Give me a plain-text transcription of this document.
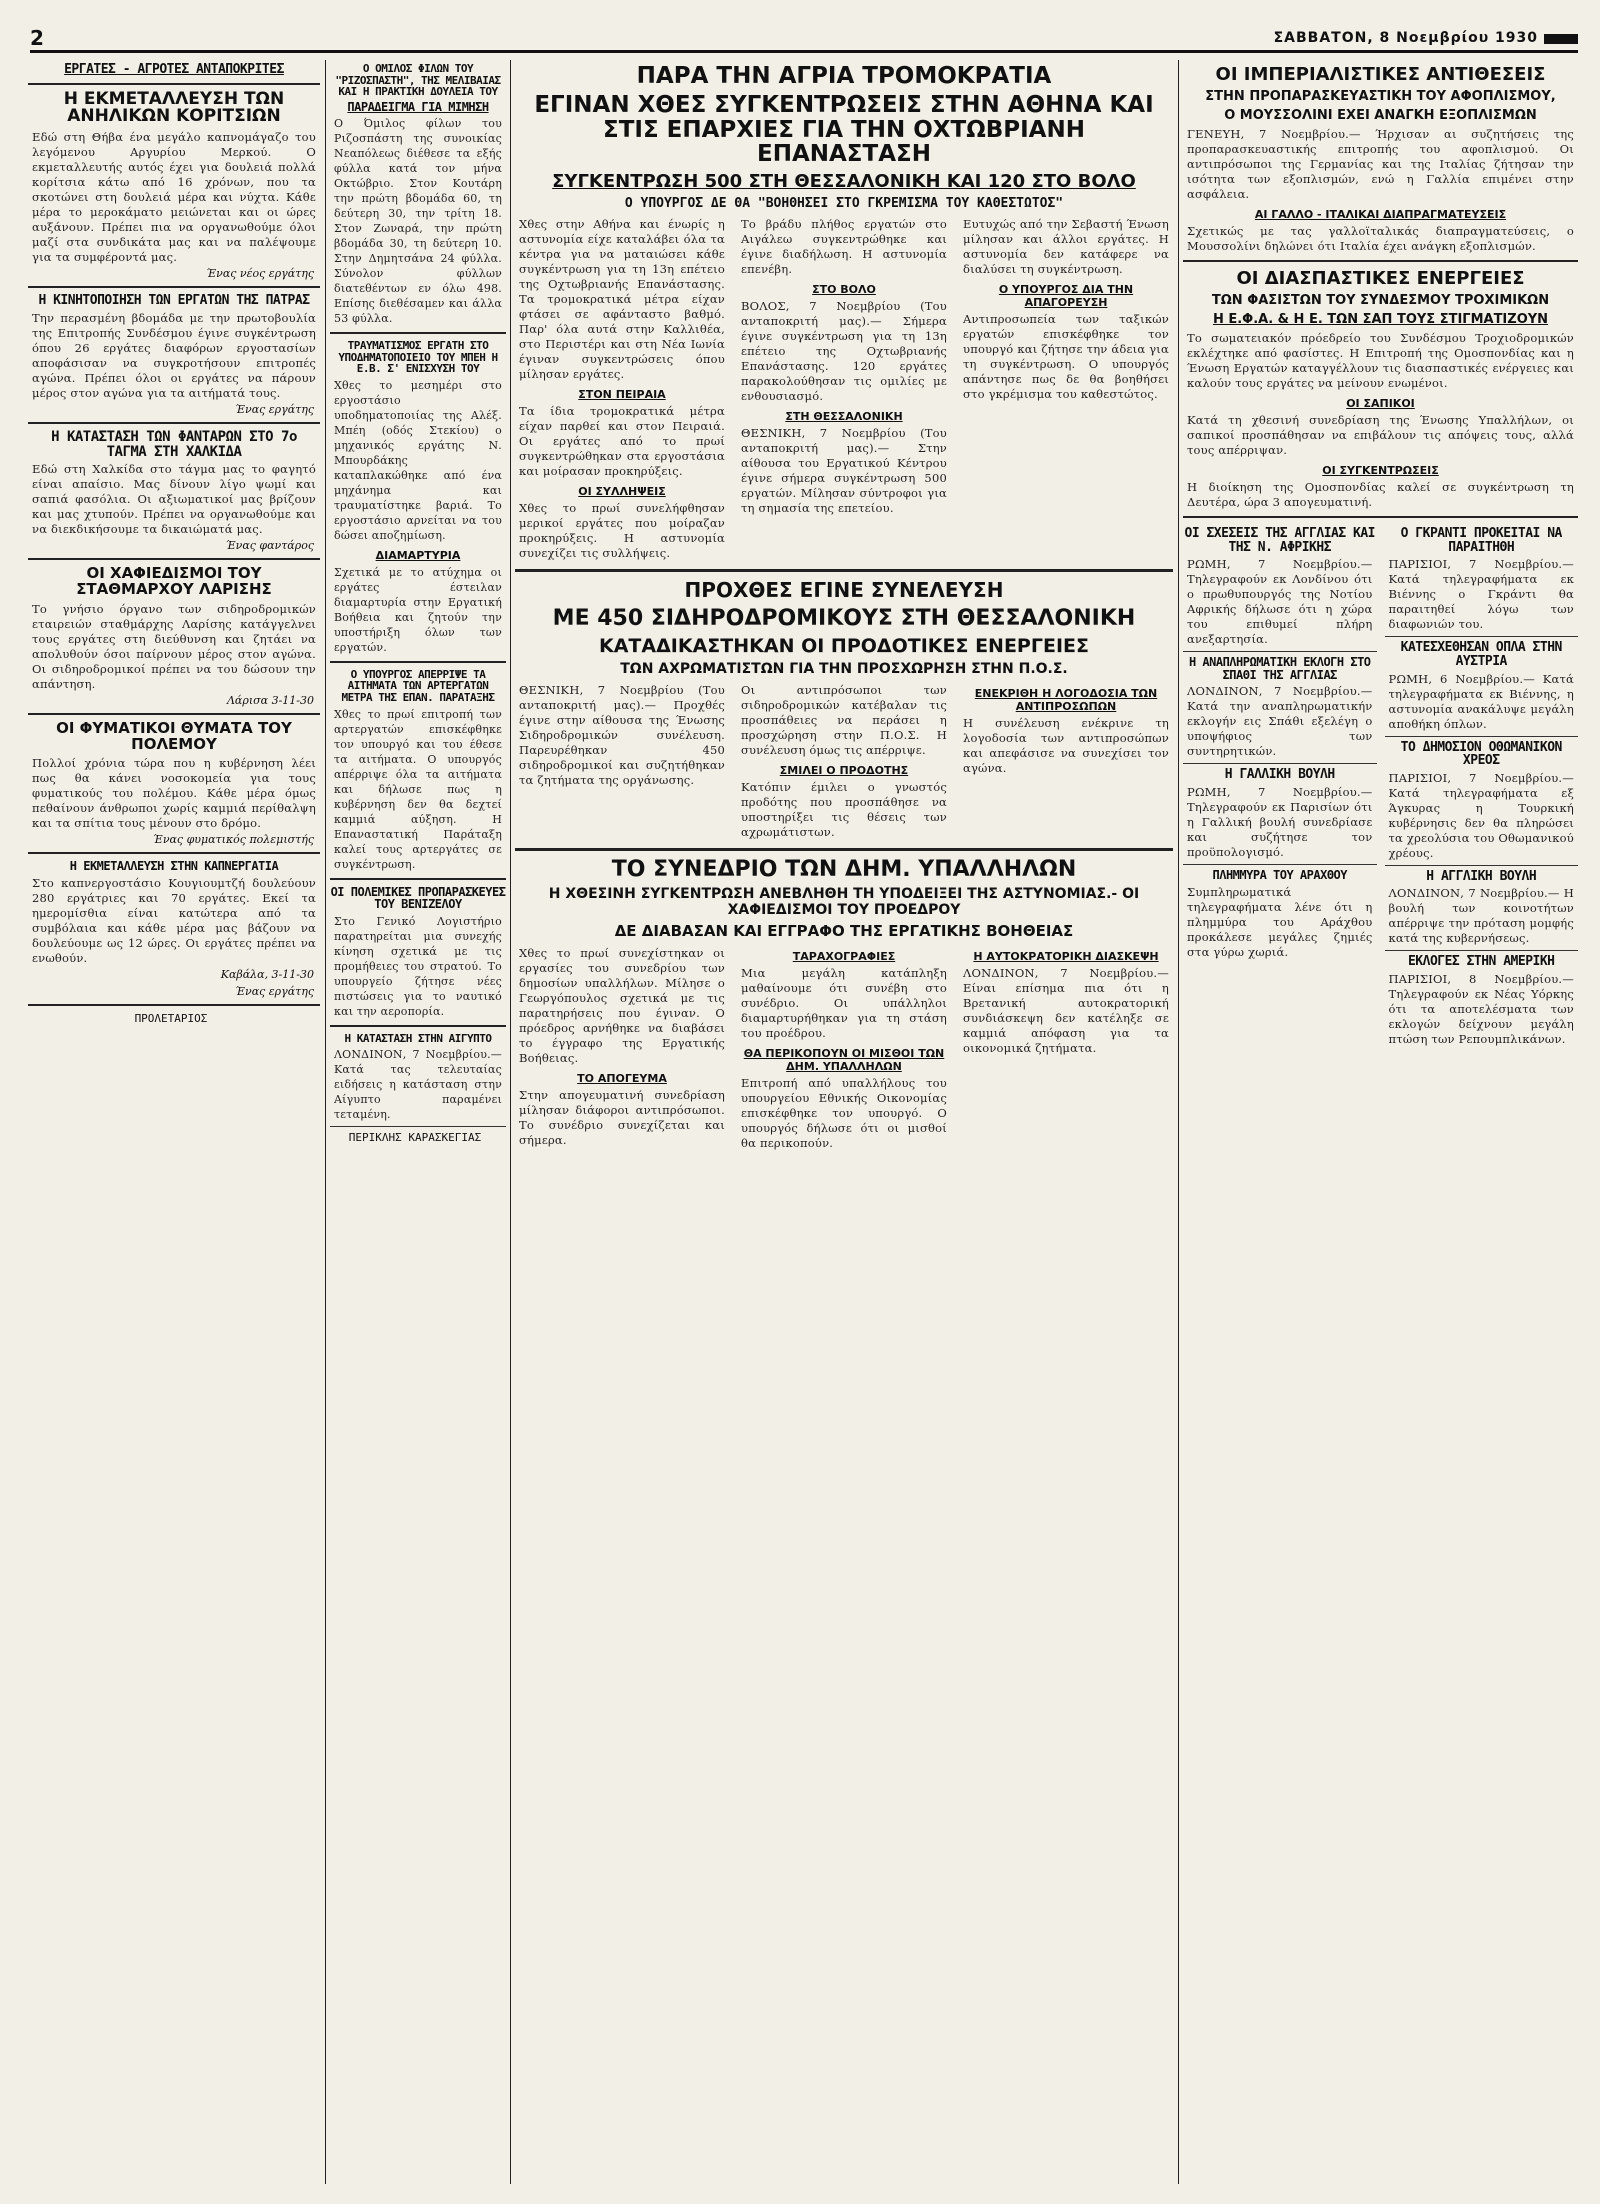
2	ΣΑΒΒΑΤΟΝ, 8 Νοεμβρίου 1930
ΕΡΓΑΤΕΣ - ΑΓΡΟΤΕΣ ΑΝΤΑΠΟΚΡΙΤΕΣ
Η ΕΚΜΕΤΑΛΛΕΥΣΗ ΤΩΝ ΑΝΗΛΙΚΩΝ ΚΟΡΙΤΣΙΩΝ
Εδώ στη Θήβα ένα μεγάλο καπνομάγαζο του λεγόμενου Αργυρίου Μερκού. Ο εκμεταλλευτής αυτός έχει για δουλειά πολλά κορίτσια κάτω από 16 χρόνων, που τα σκοτώνει στη δουλειά μέρα και νύχτα. Κάθε μέρα το μεροκάματο μειώνεται και οι ώρες αυξάνουν. Πρέπει πια να οργανωθούμε όλοι μαζί στα συνδικάτα μας και να παλέψουμε για τα συμφέροντά μας.
Ένας νέος εργάτης
Η ΚΙΝΗΤΟΠΟΙΗΣΗ ΤΩΝ ΕΡΓΑΤΩΝ ΤΗΣ ΠΑΤΡΑΣ
Την περασμένη βδομάδα με την πρωτοβουλία της Επιτροπής Συνδέσμου έγινε συγκέντρωση όπου 26 εργάτες διαφόρων εργοστασίων αποφάσισαν να συγκροτήσουν επιτροπές αγώνα. Πρέπει όλοι οι εργάτες να πάρουν μέρος στον αγώνα για τα αιτήματά τους.
Ένας εργάτης
Η ΚΑΤΑΣΤΑΣΗ ΤΩΝ ΦΑΝΤΑΡΩΝ ΣΤΟ 7ο ΤΑΓΜΑ ΣΤΗ ΧΑΛΚΙΔΑ
Εδώ στη Χαλκίδα στο τάγμα μας το φαγητό είναι απαίσιο. Μας δίνουν λίγο ψωμί και σαπιά φασόλια. Οι αξιωματικοί μας βρίζουν και μας χτυπούν. Πρέπει να οργανωθούμε και να διεκδικήσουμε τα δικαιώματά μας.
Ένας φαντάρος
ΟΙ ΧΑΦΙΕΔΙΣΜΟΙ ΤΟΥ ΣΤΑΘΜΑΡΧΟΥ ΛΑΡΙΣΗΣ
Το γνήσιο όργανο των σιδηροδρομικών εταιρειών σταθμάρχης Λαρίσης κατάγγελνει τους εργάτες στη διεύθυνση και ζητάει να απολυθούν όσοι παίρνουν μέρος στον αγώνα. Οι σιδηροδρομικοί πρέπει να του δώσουν την απάντηση.
Λάρισα 3-11-30
ΟΙ ΦΥΜΑΤΙΚΟΙ ΘΥΜΑΤΑ ΤΟΥ ΠΟΛΕΜΟΥ
Πολλοί χρόνια τώρα που η κυβέρνηση λέει πως θα κάνει νοσοκομεία για τους φυματικούς του πολέμου. Κάθε μέρα όμως πεθαίνουν άνθρωποι χωρίς καμμιά περίθαλψη και τα σπίτια τους μένουν στο δρόμο.
Ένας φυματικός πολεμιστής
Η ΕΚΜΕΤΑΛΛΕΥΣΗ ΣΤΗΝ ΚΑΠΝΕΡΓΑΤΙΑ
Στο καπνεργοστάσιο Κουγιουμτζή δουλεύουν 280 εργάτριες και 70 εργάτες. Εκεί τα ημερομίσθια είναι κατώτερα από τα συμβόλαια και κάθε μέρα μας βάζουν να δουλεύουμε ως 12 ώρες. Οι εργάτες πρέπει να ενωθούν.
Καβάλα, 3-11-30
Ένας εργάτης
ΠΡΟΛΕΤΑΡΙΟΣ
Ο ΟΜΙΛΟΣ ΦΙΛΩΝ ΤΟΥ "ΡΙΖΟΣΠΑΣΤΗ", ΤΗΣ ΜΕΛΙΒΑΙΑΣ ΚΑΙ Η ΠΡΑΚΤΙΚΗ ΔΟΥΛΕΙΑ ΤΟΥ
ΠΑΡΑΔΕΙΓΜΑ ΓΙΑ ΜΙΜΗΣΗ
Ο Όμιλος φίλων του Ριζοσπάστη της συνοικίας Νεαπόλεως διέθεσε τα εξής φύλλα κατά τον μήνα Οκτώβριο. Στον Κουτάρη την πρώτη βδομάδα 60, τη δεύτερη 30, την τρίτη 18. Στον Ζωναρά, την πρώτη βδομάδα 30, τη δεύτερη 10. Στην Δημητσάνα 24 φύλλα. Σύνολον φύλλων διατεθέντων εν όλω 498. Επίσης διεθέσαμεν και άλλα 53 φύλλα.
ΤΡΑΥΜΑΤΙΣΜΟΣ ΕΡΓΑΤΗ ΣΤΟ ΥΠΟΔΗΜΑΤΟΠΟΙΕΙΟ ΤΟΥ ΜΠΕΗ Η Ε.Β. Σ' ΕΝΙΣΧΥΣΗ ΤΟΥ
Χθες το μεσημέρι στο εργοστάσιο υποδηματοποιίας της Αλέξ. Μπέη (οδός Στεκίου) ο μηχανικός εργάτης Ν. Μπουρδάκης καταπλακώθηκε από ένα μηχάνημα και τραυματίστηκε βαριά. Το εργοστάσιο αρνείται να του δώσει αποζημίωση.
ΔΙΑΜΑΡΤΥΡΙΑ
Σχετικά με το ατύχημα οι εργάτες έστειλαν διαμαρτυρία στην Εργατική Βοήθεια και ζητούν την υποστήριξη όλων των εργατών.
Ο ΥΠΟΥΡΓΟΣ ΑΠΕΡΡΙΨΕ ΤΑ ΑΙΤΗΜΑΤΑ ΤΩΝ ΑΡΤΕΡΓΑΤΩΝ ΜΕΤΡΑ ΤΗΣ ΕΠΑΝ. ΠΑΡΑΤΑΞΗΣ
Χθες το πρωί επιτροπή των αρτεργατών επισκέφθηκε τον υπουργό και του έθεσε τα αιτήματα. Ο υπουργός απέρριψε όλα τα αιτήματα και δήλωσε πως η κυβέρνηση δεν θα δεχτεί καμμιά αύξηση. Η Επαναστατική Παράταξη καλεί τους αρτεργάτες σε συγκέντρωση.
ΟΙ ΠΟΛΕΜΙΚΕΣ ΠΡΟΠΑΡΑΣΚΕΥΕΣ ΤΟΥ ΒΕΝΙΖΕΛΟΥ
Στο Γενικό Λογιστήριο παρατηρείται μια συνεχής κίνηση σχετικά με τις προμήθειες του στρατού. Το υπουργείο ζήτησε νέες πιστώσεις για το ναυτικό και την αεροπορία.
Η ΚΑΤΑΣΤΑΣΗ ΣΤΗΝ ΑΙΓΥΠΤΟ
ΛΟΝΔΙΝΟΝ, 7 Νοεμβρίου.—Κατά τας τελευταίας ειδήσεις η κατάσταση στην Αίγυπτο παραμένει τεταμένη.
ΠΕΡΙΚΛΗΣ ΚΑΡΑΣΚΕΓΙΑΣ
ΠΑΡΑ ΤΗΝ ΑΓΡΙΑ ΤΡΟΜΟΚΡΑΤΙΑ
ΕΓΙΝΑΝ ΧΘΕΣ ΣΥΓΚΕΝΤΡΩΣΕΙΣ ΣΤΗΝ ΑΘΗΝΑ ΚΑΙ ΣΤΙΣ ΕΠΑΡΧΙΕΣ ΓΙΑ ΤΗΝ ΟΧΤΩΒΡΙΑΝΗ ΕΠΑΝΑΣΤΑΣΗ
ΣΥΓΚΕΝΤΡΩΣΗ 500 ΣΤΗ ΘΕΣΣΑΛΟΝΙΚΗ ΚΑΙ 120 ΣΤΟ ΒΟΛΟ
Ο ΥΠΟΥΡΓΟΣ ΔΕ ΘΑ "ΒΟΗΘΗΣΕΙ ΣΤΟ ΓΚΡΕΜΙΣΜΑ ΤΟΥ ΚΑΘΕΣΤΩΤΟΣ"
Χθες στην Αθήνα και ένωρίς η αστυνομία είχε καταλάβει όλα τα κέντρα για να ματαιώσει κάθε συγκέντρωση για τη 13η επέτειο της Οχτωβριανής Επανάστασης. Τα τρομοκρατικά μέτρα είχαν φτάσει σε αφάνταστο βαθμό. Παρ' όλα αυτά στην Καλλιθέα, στο Περιστέρι και στη Νέα Ιωνία έγιναν συγκεντρώσεις όπου μίλησαν εργάτες.
ΣΤΟΝ ΠΕΙΡΑΙΑ
Τα ίδια τρομοκρατικά μέτρα είχαν παρθεί και στον Πειραιά. Οι εργάτες από το πρωί συγκεντρώθηκαν στα εργοστάσια και μοίρασαν προκηρύξεις.
ΟΙ ΣΥΛΛΗΨΕΙΣ
Χθες το πρωί συνελήφθησαν μερικοί εργάτες που μοίραζαν προκηρύξεις. Η αστυνομία συνεχίζει τις συλλήψεις.
Το βράδυ πλήθος εργατών στο Αιγάλεω συγκεντρώθηκε και έγινε διαδήλωση. Η αστυνομία επενέβη.
ΣΤΟ ΒΟΛΟ
ΒΟΛΟΣ, 7 Νοεμβρίου (Του ανταποκριτή μας).— Σήμερα έγινε συγκέντρωση για τη 13η επέτειο της Οχτωβριανής Επανάστασης. 120 εργάτες παρακολούθησαν τις ομιλίες με ενθουσιασμό.
ΣΤΗ ΘΕΣΣΑΛΟΝΙΚΗ
ΘΕΣΝΙΚΗ, 7 Νοεμβρίου (Του ανταποκριτή μας).— Στην αίθουσα του Εργατικού Κέντρου έγινε σήμερα συγκέντρωση 500 εργατών. Μίλησαν σύντροφοι για τη σημασία της επετείου.
Ευτυχώς από την Σεβαστή Ένωση μίλησαν και άλλοι εργάτες. Η αστυνομία δεν κατάφερε να διαλύσει τη συγκέντρωση.
Ο ΥΠΟΥΡΓΟΣ ΔΙΑ ΤΗΝ ΑΠΑΓΟΡΕΥΣΗ
Αντιπροσωπεία των ταξικών εργατών επισκέφθηκε τον υπουργό και ζήτησε την άδεια για τη συγκέντρωση. Ο υπουργός απάντησε πως δε θα βοηθήσει στο γκρέμισμα του καθεστώτος.
ΠΡΟΧΘΕΣ ΕΓΙΝΕ ΣΥΝΕΛΕΥΣΗ
ΜΕ 450 ΣΙΔΗΡΟΔΡΟΜΙΚΟΥΣ ΣΤΗ ΘΕΣΣΑΛΟΝΙΚΗ
ΚΑΤΑΔΙΚΑΣΤΗΚΑΝ ΟΙ ΠΡΟΔΟΤΙΚΕΣ ΕΝΕΡΓΕΙΕΣ
ΤΩΝ ΑΧΡΩΜΑΤΙΣΤΩΝ ΓΙΑ ΤΗΝ ΠΡΟΣΧΩΡΗΣΗ ΣΤΗΝ Π.Ο.Σ.
ΘΕΣΝΙΚΗ, 7 Νοεμβρίου (Του ανταποκριτή μας).— Προχθές έγινε στην αίθουσα της Ένωσης Σιδηροδρομικών συνέλευση. Παρευρέθηκαν 450 σιδηροδρομικοί και συζητήθηκαν τα ζητήματα της οργάνωσης.
Οι αντιπρόσωποι των σιδηροδρομικών κατέβαλαν τις προσπάθειες να περάσει η προσχώρηση στην Π.Ο.Σ. Η συνέλευση όμως τις απέρριψε.
ΣΜΙΛΕΙ Ο ΠΡΟΔΟΤΗΣ
Κατόπιν έμιλει ο γνωστός προδότης που προσπάθησε να υποστηρίξει τις θέσεις των αχρωμάτιστων.
ΕΝΕΚΡΙΘΗ Η ΛΟΓΟΔΟΣΙΑ ΤΩΝ ΑΝΤΙΠΡΟΣΩΠΩΝ
Η συνέλευση ενέκρινε τη λογοδοσία των αντιπροσώπων και απεφάσισε να συνεχίσει τον αγώνα.
ΤΟ ΣΥΝΕΔΡΙΟ ΤΩΝ ΔΗΜ. ΥΠΑΛΛΗΛΩΝ
Η ΧΘΕΣΙΝΗ ΣΥΓΚΕΝΤΡΩΣΗ ΑΝΕΒΛΗΘΗ ΤΗ ΥΠΟΔΕΙΞΕΙ ΤΗΣ ΑΣΤΥΝΟΜΙΑΣ.- ΟΙ ΧΑΦΙΕΔΙΣΜΟΙ ΤΟΥ ΠΡΟΕΔΡΟΥ
ΔΕ ΔΙΑΒΑΣΑΝ ΚΑΙ ΕΓΓΡΑΦΟ ΤΗΣ ΕΡΓΑΤΙΚΗΣ ΒΟΗΘΕΙΑΣ
Χθες το πρωί συνεχίστηκαν οι εργασίες του συνεδρίου των δημοσίων υπαλλήλων. Μίλησε ο Γεωργόπουλος σχετικά με τις παρατηρήσεις που έγιναν. Ο πρόεδρος αρνήθηκε να διαβάσει το έγγραφο της Εργατικής Βοήθειας.
ΤΟ ΑΠΟΓΕΥΜΑ
Στην απογευματινή συνεδρίαση μίλησαν διάφοροι αντιπρόσωποι. Το συνέδριο συνεχίζεται και σήμερα.
ΤΑΡΑΧΟΓΡΑΦΙΕΣ
Μια μεγάλη κατάπληξη μαθαίνουμε ότι συνέβη στο συνέδριο. Οι υπάλληλοι διαμαρτυρήθηκαν για τη στάση του προέδρου.
ΘΑ ΠΕΡΙΚΟΠΟΥΝ ΟΙ ΜΙΣΘΟΙ ΤΩΝ ΔΗΜ. ΥΠΑΛΛΗΛΩΝ
Επιτροπή από υπαλλήλους του υπουργείου Εθνικής Οικονομίας επισκέφθηκε τον υπουργό. Ο υπουργός δήλωσε ότι οι μισθοί θα περικοπούν.
Η ΑΥΤΟΚΡΑΤΟΡΙΚΗ ΔΙΑΣΚΕΨΗ
ΛΟΝΔΙΝΟΝ, 7 Νοεμβρίου.— Είναι επίσημα πια ότι η Βρετανική αυτοκρατορική συνδιάσκεψη δεν κατέληξε σε καμμιά απόφαση για τα οικονομικά ζητήματα.
ΟΙ ΙΜΠΕΡΙΑΛΙΣΤΙΚΕΣ ΑΝΤΙΘΕΣΕΙΣ
ΣΤΗΝ ΠΡΟΠΑΡΑΣΚΕΥΑΣΤΙΚΗ ΤΟΥ ΑΦΟΠΛΙΣΜΟΥ,
Ο ΜΟΥΣΣΟΛΙΝΙ ΕΧΕΙ ΑΝΑΓΚΗ ΕΞΟΠΛΙΣΜΩΝ
ΓΕΝΕΥΗ, 7 Νοεμβρίου.— Ήρχισαν αι συζητήσεις της προπαρασκευαστικής επιτροπής του αφοπλισμού. Οι αντιπρόσωποι της Γερμανίας και της Ιταλίας ζήτησαν την ισότητα των εξοπλισμών, ενώ η Γαλλία επιμένει στην ασφάλεια.
ΑΙ ΓΑΛΛΟ - ΙΤΑΛΙΚΑΙ ΔΙΑΠΡΑΓΜΑΤΕΥΣΕΙΣ
Σχετικώς με τας γαλλοϊταλικάς διαπραγματεύσεις, ο Μουσσολίνι δηλώνει ότι Ιταλία έχει ανάγκη εξοπλισμών.
ΟΙ ΔΙΑΣΠΑΣΤΙΚΕΣ ΕΝΕΡΓΕΙΕΣ
ΤΩΝ ΦΑΣΙΣΤΩΝ ΤΟΥ ΣΥΝΔΕΣΜΟΥ ΤΡΟΧΙΜΙΚΩΝ
Η Ε.Φ.Α. & Η Ε. ΤΩΝ ΣΑΠ ΤΟΥΣ ΣΤΙΓΜΑΤΙΖΟΥΝ
Το σωματειακόν πρόεδρείο του Συνδέσμου Τροχιοδρομικών εκλέχτηκε από φασίστες. Η Επιτροπή της Ομοσπονδίας και η Ένωση Εργατών καταγγέλλουν τις διασπαστικές ενέργειες και καλούν τους εργάτες να μείνουν ενωμένοι.
ΟΙ ΣΑΠΙΚΟΙ
Κατά τη χθεσινή συνεδρίαση της Ένωσης Υπαλλήλων, οι σαπικοί προσπάθησαν να επιβάλουν τις απόψεις τους, αλλά τους απέρριψαν.
ΟΙ ΣΥΓΚΕΝΤΡΩΣΕΙΣ
Η διοίκηση της Ομοσπονδίας καλεί σε συγκέντρωση τη Δευτέρα, ώρα 3 απογευματινή.
ΟΙ ΣΧΕΣΕΙΣ ΤΗΣ ΑΓΓΛΙΑΣ ΚΑΙ ΤΗΣ Ν. ΑΦΡΙΚΗΣ
ΡΩΜΗ, 7 Νοεμβρίου.— Τηλεγραφούν εκ Λονδίνου ότι ο πρωθυπουργός της Νοτίου Αφρικής δήλωσε ότι η χώρα του επιθυμεί πλήρη ανεξαρτησία.
Η ΑΝΑΠΛΗΡΩΜΑΤΙΚΗ ΕΚΛΟΓΗ ΣΤΟ ΣΠΑΘΙ ΤΗΣ ΑΓΓΛΙΑΣ
ΛΟΝΔΙΝΟΝ, 7 Νοεμβρίου.— Κατά την αναπληρωματικήν εκλογήν εις Σπάθι εξελέγη ο υποψήφιος των συντηρητικών.
Η ΓΑΛΛΙΚΗ ΒΟΥΛΗ
ΡΩΜΗ, 7 Νοεμβρίου.— Τηλεγραφούν εκ Παρισίων ότι η Γαλλική βουλή συνεδρίασε και συζήτησε τον προϋπολογισμό.
ΠΛΗΜΜΥΡΑ ΤΟΥ ΑΡΑΧΘΟΥ
Συμπληρωματικά τηλεγραφήματα λένε ότι η πλημμύρα του Αράχθου προκάλεσε μεγάλες ζημιές στα γύρω χωριά.
Ο ΓΚΡΑΝΤΙ ΠΡΟΚΕΙΤΑΙ ΝΑ ΠΑΡΑΙΤΗΘΗ
ΠΑΡΙΣΙΟΙ, 7 Νοεμβρίου.— Κατά τηλεγραφήματα εκ Βιέννης ο Γκράντι θα παραιτηθεί λόγω των διαφωνιών του.
ΚΑΤΕΣΧΕΘΗΣΑΝ ΟΠΛΑ ΣΤΗΝ ΑΥΣΤΡΙΑ
ΡΩΜΗ, 6 Νοεμβρίου.— Κατά τηλεγραφήματα εκ Βιέννης, η αστυνομία ανακάλυψε μεγάλη αποθήκη όπλων.
ΤΟ ΔΗΜΟΣΙΟΝ ΟΘΩΜΑΝΙΚΟΝ ΧΡΕΟΣ
ΠΑΡΙΣΙΟΙ, 7 Νοεμβρίου.— Κατά τηλεγραφήματα εξ Άγκυρας η Τουρκική κυβέρνησις δεν θα πληρώσει τα χρεολύσια του Οθωμανικού χρέους.
Η ΑΓΓΛΙΚΗ ΒΟΥΛΗ
ΛΟΝΔΙΝΟΝ, 7 Νοεμβρίου.— Η βουλή των κοινοτήτων απέρριψε την πρόταση μομφής κατά της κυβερνήσεως.
ΕΚΛΟΓΕΣ ΣΤΗΝ ΑΜΕΡΙΚΗ
ΠΑΡΙΣΙΟΙ, 8 Νοεμβρίου.— Τηλεγραφούν εκ Νέας Υόρκης ότι τα αποτελέσματα των εκλογών δείχνουν μεγάλη πτώση των Ρεπουμπλικάνων.
